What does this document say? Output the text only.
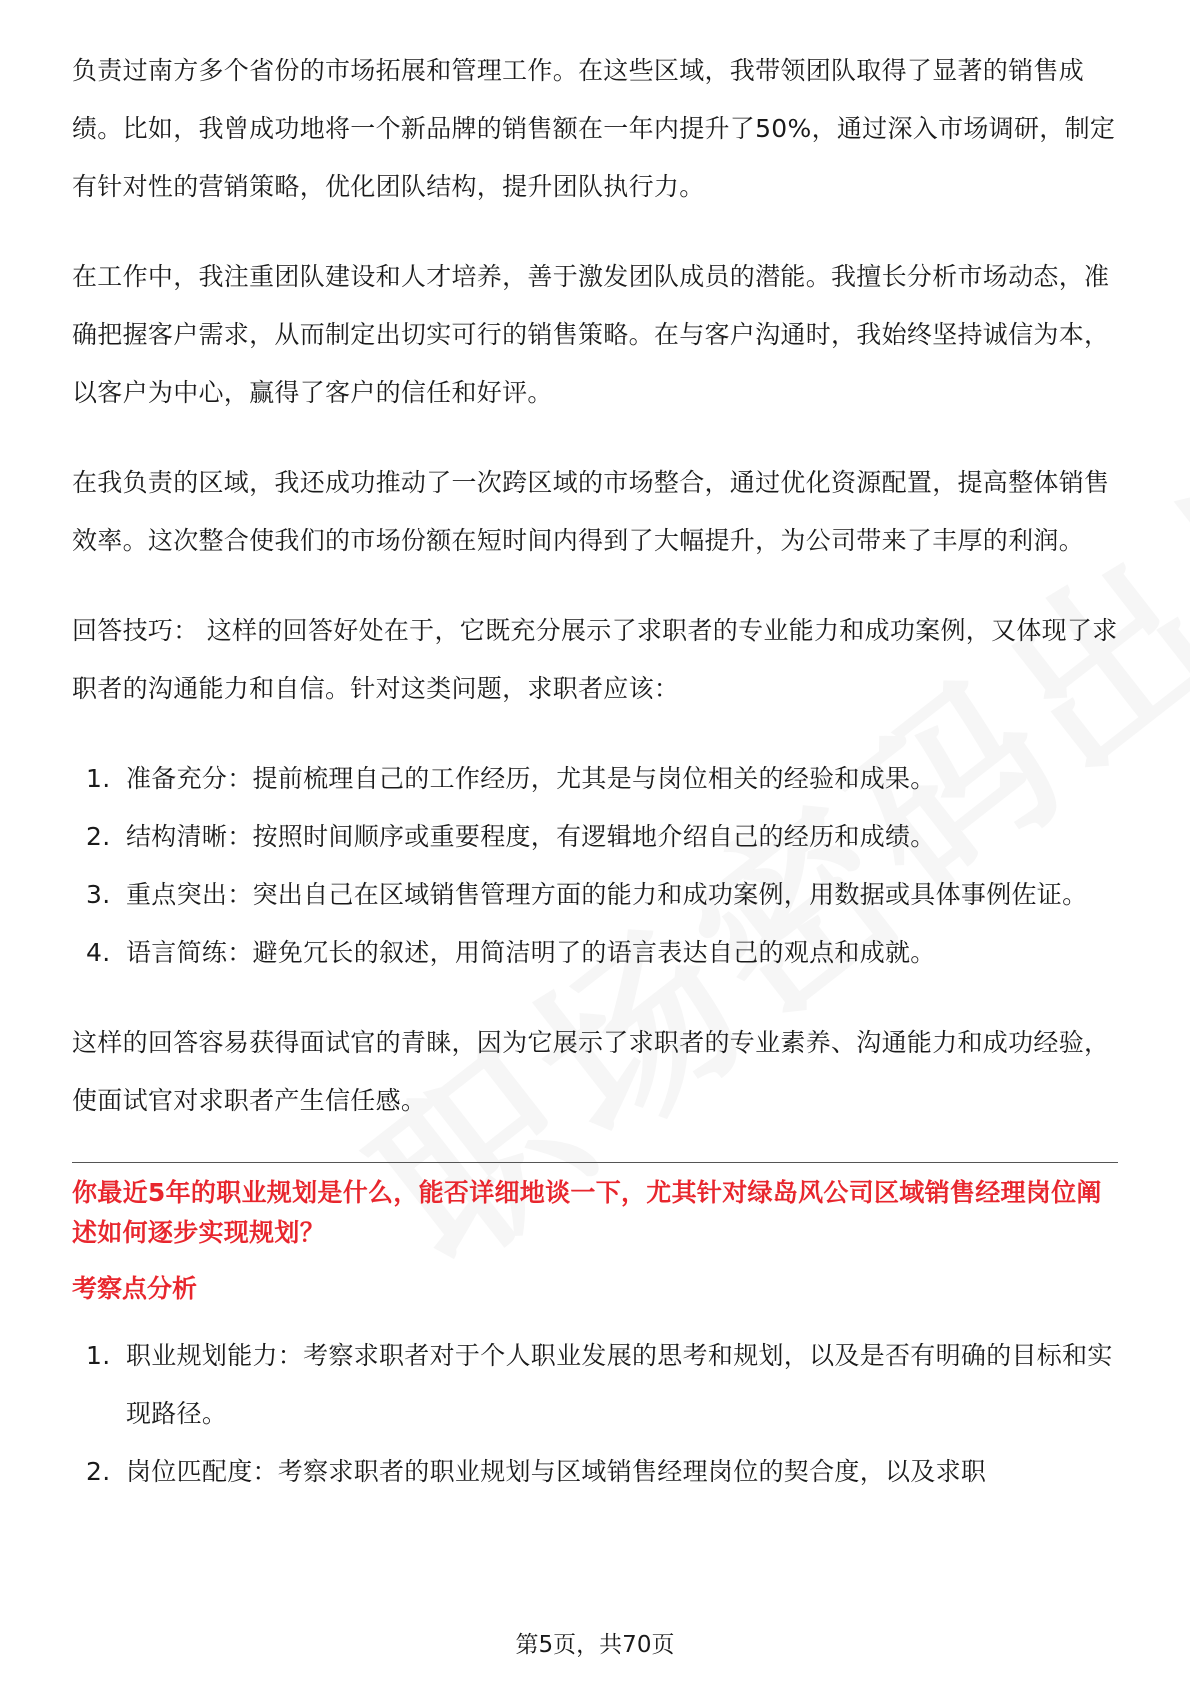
负责过南方多个省份的市场拓展和管理工作。在这些区域，我带领团队取得了显著的销售成绩。比如，我曾成功地将一个新品牌的销售额在一年内提升了50%，通过深入市场调研，制定有针对性的营销策略，优化团队结构，提升团队执行力。

在工作中，我注重团队建设和人才培养，善于激发团队成员的潜能。我擅长分析市场动态，准确把握客户需求，从而制定出切实可行的销售策略。在与客户沟通时，我始终坚持诚信为本，以客户为中心，赢得了客户的信任和好评。

在我负责的区域，我还成功推动了一次跨区域的市场整合，通过优化资源配置，提高整体销售效率。这次整合使我们的市场份额在短时间内得到了大幅提升，为公司带来了丰厚的利润。

回答技巧： 这样的回答好处在于，它既充分展示了求职者的专业能力和成功案例，又体现了求职者的沟通能力和自信。针对这类问题，求职者应该：

1. 准备充分：提前梳理自己的工作经历，尤其是与岗位相关的经验和成果。
2. 结构清晰：按照时间顺序或重要程度，有逻辑地介绍自己的经历和成绩。
3. 重点突出：突出自己在区域销售管理方面的能力和成功案例，用数据或具体事例佐证。
4. 语言简练：避免冗长的叙述，用简洁明了的语言表达自己的观点和成就。

这样的回答容易获得面试官的青睐，因为它展示了求职者的专业素养、沟通能力和成功经验，使面试官对求职者产生信任感。

你最近5年的职业规划是什么，能否详细地谈一下，尤其针对绿岛风公司区域销售经理岗位阐述如何逐步实现规划？

考察点分析

1. 职业规划能力：考察求职者对于个人职业发展的思考和规划，以及是否有明确的目标和实现路径。
2. 岗位匹配度：考察求职者的职业规划与区域销售经理岗位的契合度，以及求职
第5页，共70页
